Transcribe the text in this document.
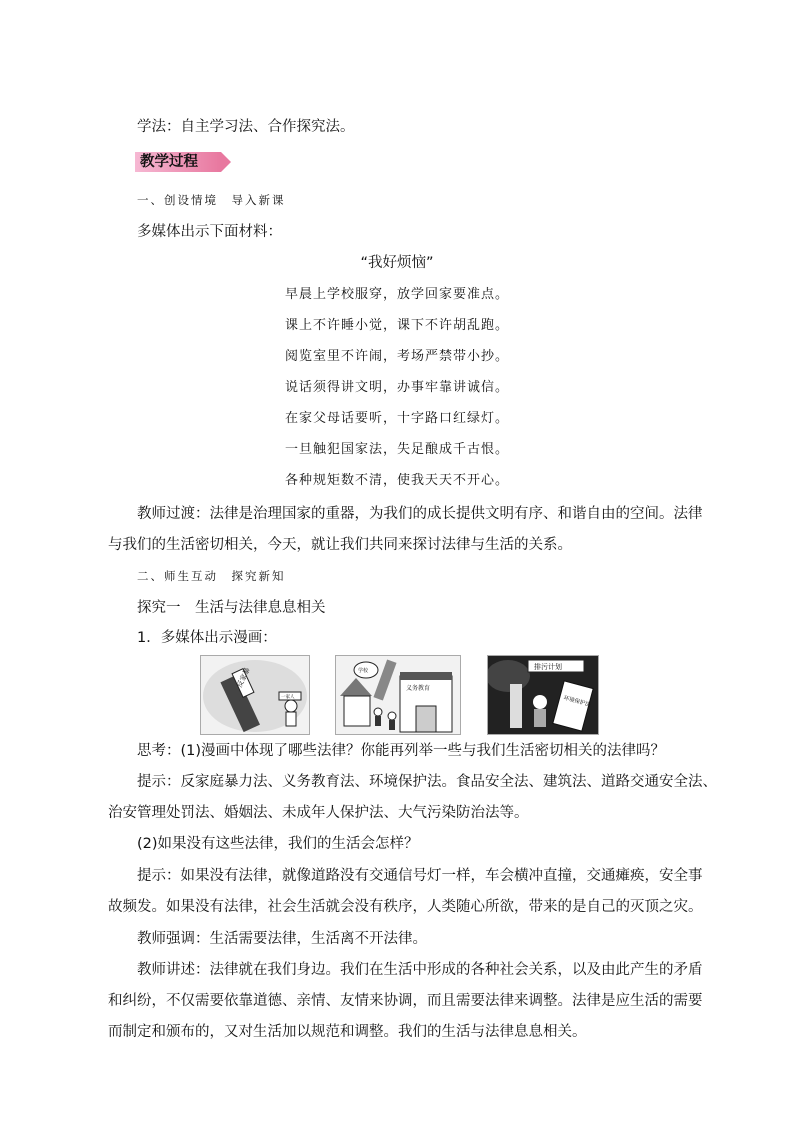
学法：自主学习法、合作探究法。
教学过程
一、创设情境　导入新课
多媒体出示下面材料：
“我好烦恼”
早晨上学校服穿，放学回家要准点。
课上不许睡小觉，课下不许胡乱跑。
阅览室里不许闹，考场严禁带小抄。
说话须得讲文明，办事牢靠讲诚信。
在家父母话要听，十字路口红绿灯。
一旦触犯国家法，失足酿成千古恨。
各种规矩数不清，使我天天不开心。
教师过渡：法律是治理国家的重器，为我们的成长提供文明有序、和谐自由的空间。法律
与我们的生活密切相关，今天，就让我们共同来探讨法律与生活的关系。
二、师生互动　探究新知
探究一　生活与法律息息相关
1．多媒体出示漫画：
反家暴
一家人
义务教育
学校	排污计划
环境保护法
思考：(1)漫画中体现了哪些法律？你能再列举一些与我们生活密切相关的法律吗？
提示：反家庭暴力法、义务教育法、环境保护法。食品安全法、建筑法、道路交通安全法、
治安管理处罚法、婚姻法、未成年人保护法、大气污染防治法等。
(2)如果没有这些法律，我们的生活会怎样？
提示：如果没有法律，就像道路没有交通信号灯一样，车会横冲直撞，交通瘫痪，安全事
故频发。如果没有法律，社会生活就会没有秩序，人类随心所欲，带来的是自己的灭顶之灾。
教师强调：生活需要法律，生活离不开法律。
教师讲述：法律就在我们身边。我们在生活中形成的各种社会关系，以及由此产生的矛盾
和纠纷，不仅需要依靠道德、亲情、友情来协调，而且需要法律来调整。法律是应生活的需要
而制定和颁布的，又对生活加以规范和调整。我们的生活与法律息息相关。
